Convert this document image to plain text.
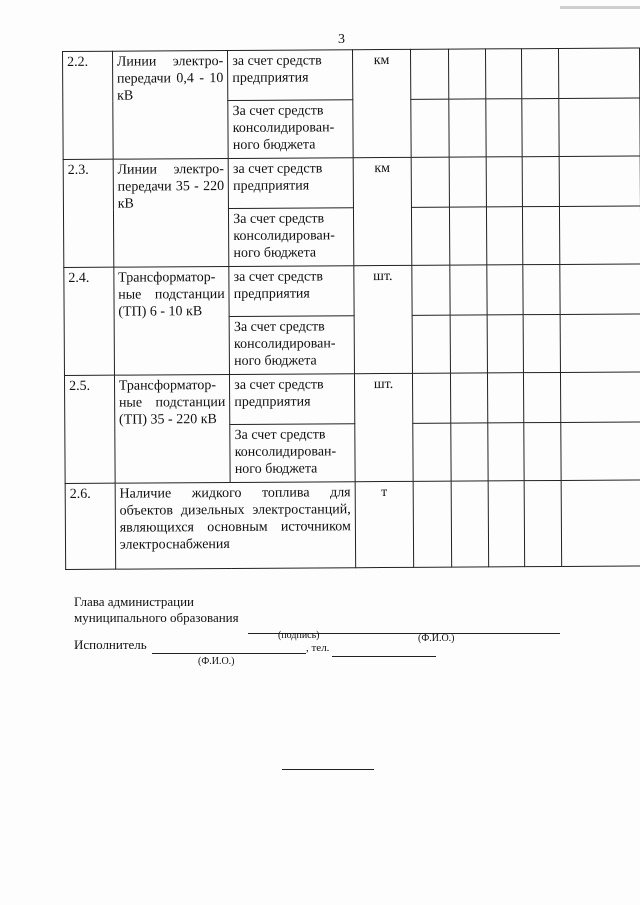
3
2.2.	Линии электро-передачи 0,4 - 10 кВ	за счет средств предприятия	км					
		За счет средств консолидирован-ного бюджета						
2.3.	Линии электро-передачи 35 - 220 кВ	за счет средств предприятия	км					
		За счет средств консолидирован-ного бюджета						
2.4.	Трансформатор-ные подстанции (ТП) 6 - 10 кВ	за счет средств предприятия	шт.					
		За счет средств консолидирован-ного бюджета						
2.5.	Трансформатор-ные подстанции (ТП) 35 - 220 кВ	за счет средств предприятия	шт.					
		За счет средств консолидирован-ного бюджета						
2.6.	Наличие жидкого топлива для объектов дизельных электростанций, являющихся основным источником электроснабжения		т					
Глава администрации
муниципального образования
(подпись)	(Ф.И.О.)
Исполнитель	, тел.
(Ф.И.О.)
